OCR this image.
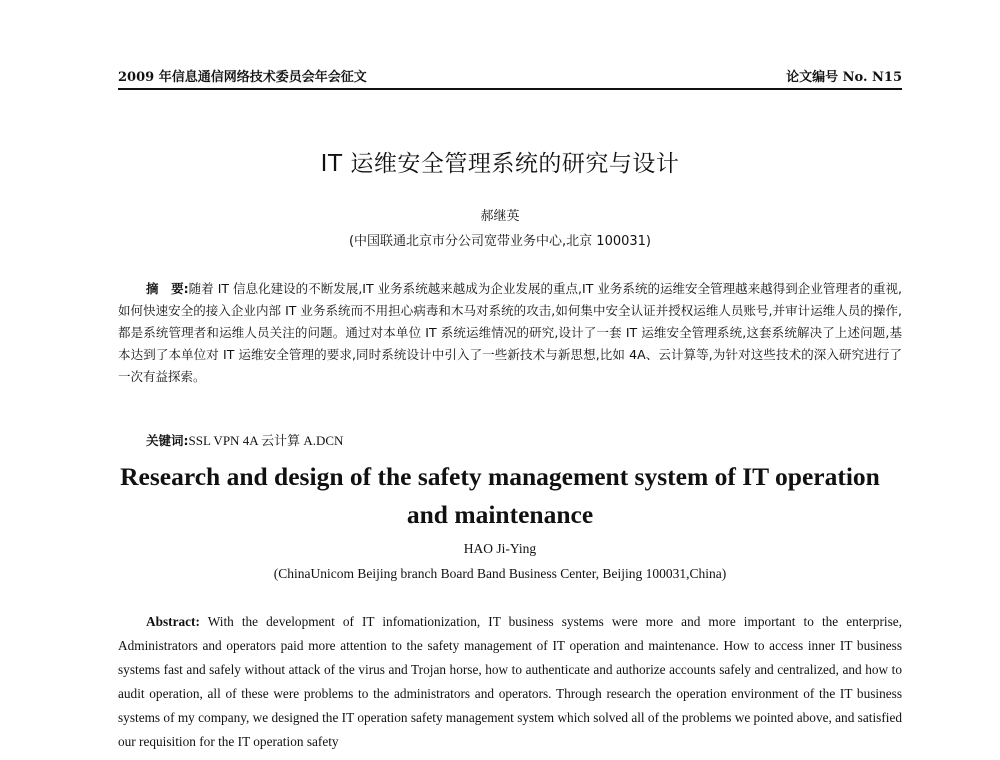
2009 年信息通信网络技术委员会年会征文	论文编号 No. N15
IT 运维安全管理系统的研究与设计
郝继英
(中国联通北京市分公司宽带业务中心,北京 100031)
摘　要:随着 IT 信息化建设的不断发展,IT 业务系统越来越成为企业发展的重点,IT 业务系统的运维安全管理越来越得到企业管理者的重视,如何快速安全的接入企业内部 IT 业务系统而不用担心病毒和木马对系统的攻击,如何集中安全认证并授权运维人员账号,并审计运维人员的操作,都是系统管理者和运维人员关注的问题。通过对本单位 IT 系统运维情况的研究,设计了一套 IT 运维安全管理系统,这套系统解决了上述问题,基本达到了本单位对 IT 运维安全管理的要求,同时系统设计中引入了一些新技术与新思想,比如 4A、云计算等,为针对这些技术的深入研究进行了一次有益探索。
关键词:SSL VPN 4A 云计算 A.DCN
Research and design of the safety management system of IT operation and maintenance
HAO Ji-Ying
(ChinaUnicom Beijing branch Board Band Business Center, Beijing 100031,China)
Abstract: With the development of IT infomationization, IT business systems were more and more important to the enterprise, Administrators and operators paid more attention to the safety management of IT operation and maintenance. How to access inner IT business systems fast and safely without attack of the virus and Trojan horse, how to authenticate and authorize accounts safely and centralized, and how to audit operation, all of these were problems to the administrators and operators. Through research the operation environment of the IT business systems of my company, we designed the IT operation safety management system which solved all of the problems we pointed above, and satisfied our requisition for the IT operation safety
